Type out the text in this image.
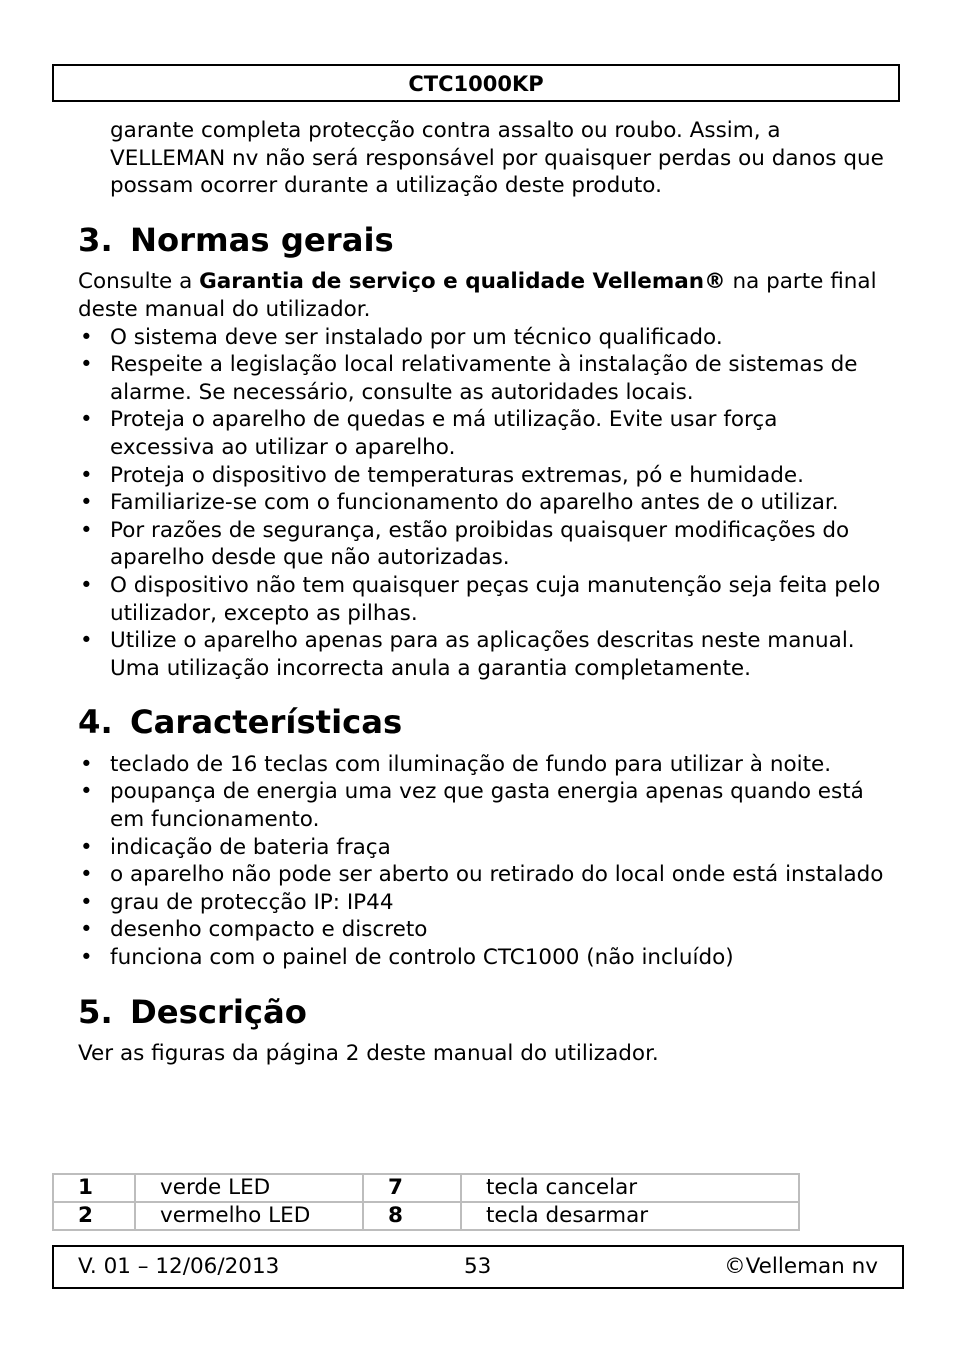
CTC1000KP

garante completa protecção contra assalto ou roubo. Assim, a VELLEMAN nv não será responsável por quaisquer perdas ou danos que possam ocorrer durante a utilização deste produto.

3. Normas gerais

Consulte a Garantia de serviço e qualidade Velleman® na parte final deste manual do utilizador.

• O sistema deve ser instalado por um técnico qualificado.
• Respeite a legislação local relativamente à instalação de sistemas de alarme. Se necessário, consulte as autoridades locais.
• Proteja o aparelho de quedas e má utilização. Evite usar força excessiva ao utilizar o aparelho.
• Proteja o dispositivo de temperaturas extremas, pó e humidade.
• Familiarize-se com o funcionamento do aparelho antes de o utilizar.
• Por razões de segurança, estão proibidas quaisquer modificações do aparelho desde que não autorizadas.
• O dispositivo não tem quaisquer peças cuja manutenção seja feita pelo utilizador, excepto as pilhas.
• Utilize o aparelho apenas para as aplicações descritas neste manual. Uma utilização incorrecta anula a garantia completamente.
4. Características
• teclado de 16 teclas com iluminação de fundo para utilizar à noite.
• poupança de energia uma vez que gasta energia apenas quando está em funcionamento.
• indicação de bateria fraça
• o aparelho não pode ser aberto ou retirado do local onde está instalado
• grau de protecção IP: IP44
• desenho compacto e discreto
• funciona com o painel de controlo CTC1000 (não incluído)
5. Descrição

Ver as figuras da página 2 deste manual do utilizador.

1	verde LED	7	tecla cancelar
2	vermelho LED	8	tecla desarmar
V. 01 – 12/06/2013	53	©Velleman nv
